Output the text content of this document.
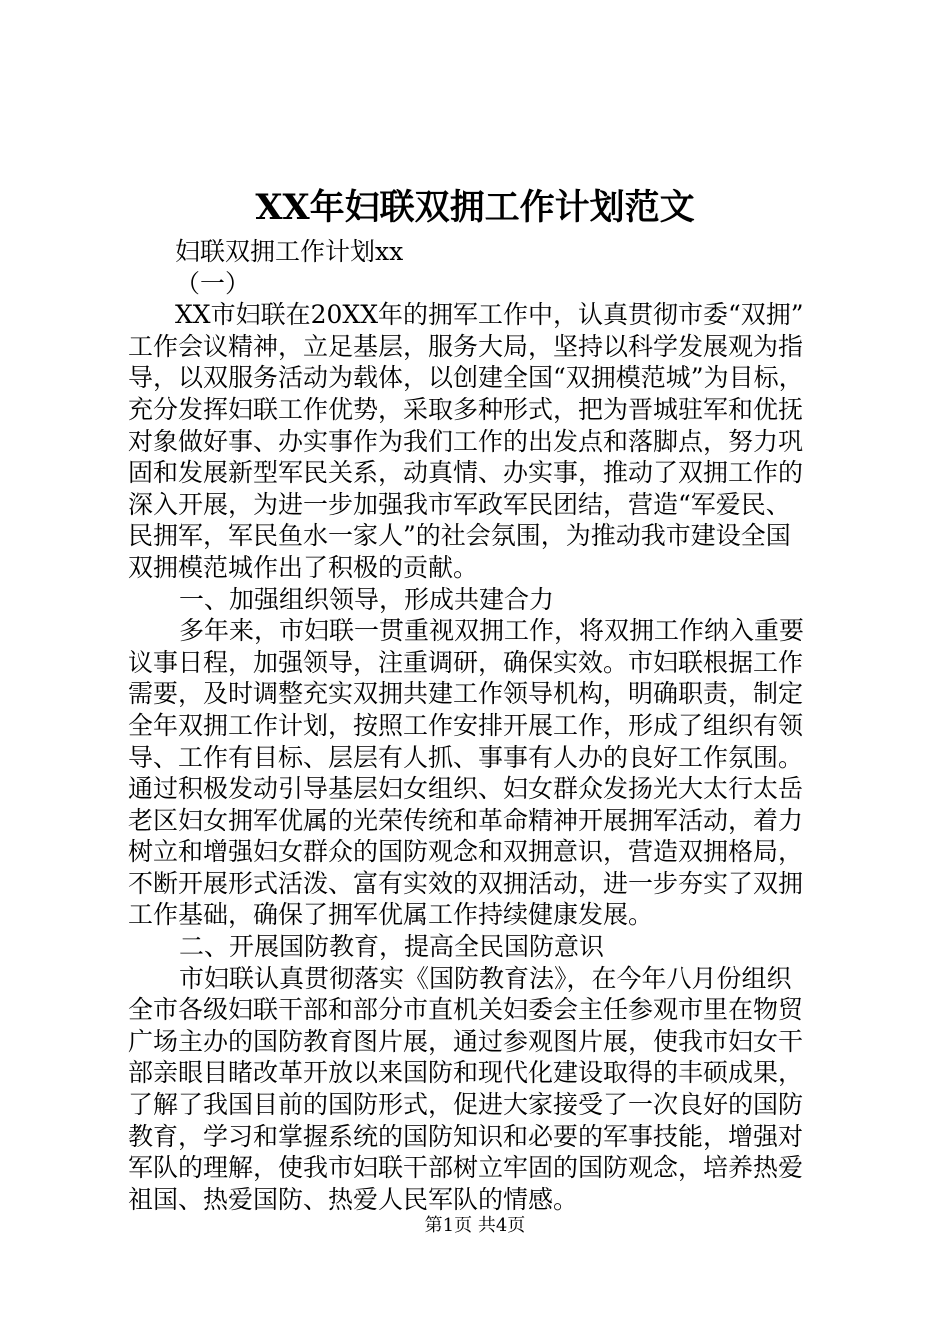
XX年妇联双拥工作计划范文
妇联双拥工作计划xx
（一）
XX市妇联在20XX年的拥军工作中，认真贯彻市委“双拥”
工作会议精神，立足基层，服务大局，坚持以科学发展观为指
导，以双服务活动为载体，以创建全国“双拥模范城”为目标，
充分发挥妇联工作优势，采取多种形式，把为晋城驻军和优抚
对象做好事、办实事作为我们工作的出发点和落脚点，努力巩
固和发展新型军民关系，动真情、办实事，推动了双拥工作的
深入开展，为进一步加强我市军政军民团结，营造“军爱民、
民拥军，军民鱼水一家人”的社会氛围，为推动我市建设全国
双拥模范城作出了积极的贡献。
一、加强组织领导，形成共建合力
多年来，市妇联一贯重视双拥工作，将双拥工作纳入重要
议事日程，加强领导，注重调研，确保实效。市妇联根据工作
需要，及时调整充实双拥共建工作领导机构，明确职责，制定
全年双拥工作计划，按照工作安排开展工作，形成了组织有领
导、工作有目标、层层有人抓、事事有人办的良好工作氛围。
通过积极发动引导基层妇女组织、妇女群众发扬光大太行太岳
老区妇女拥军优属的光荣传统和革命精神开展拥军活动，着力
树立和增强妇女群众的国防观念和双拥意识，营造双拥格局，
不断开展形式活泼、富有实效的双拥活动，进一步夯实了双拥
工作基础，确保了拥军优属工作持续健康发展。
二、开展国防教育，提高全民国防意识
市妇联认真贯彻落实《国防教育法》，在今年八月份组织
全市各级妇联干部和部分市直机关妇委会主任参观市里在物贸
广场主办的国防教育图片展，通过参观图片展，使我市妇女干
部亲眼目睹改革开放以来国防和现代化建设取得的丰硕成果，
了解了我国目前的国防形式，促进大家接受了一次良好的国防
教育，学习和掌握系统的国防知识和必要的军事技能，增强对
军队的理解，使我市妇联干部树立牢固的国防观念，培养热爱
祖国、热爱国防、热爱人民军队的情感。
第1页 共4页
